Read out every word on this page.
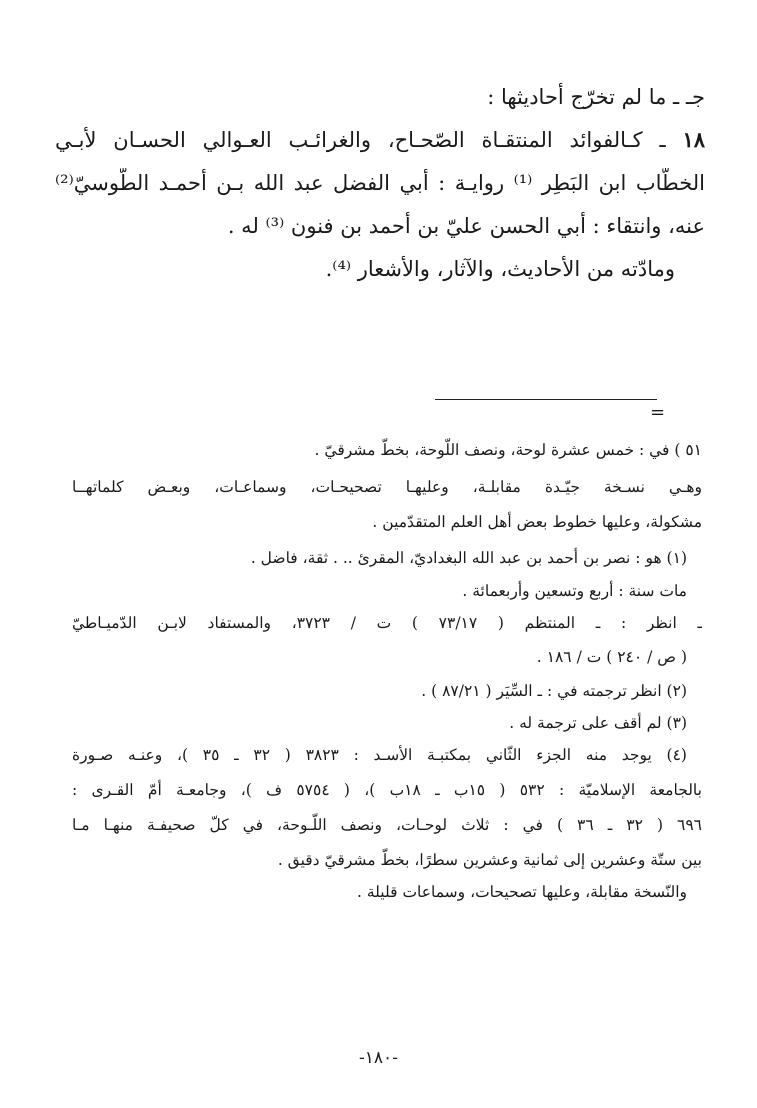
جـ ـ ما لم تخرّج أحاديثها :

١٨ ـ كـالفوائد المنتقـاة الصّحـاح، والغرائـب العـوالي الحسـان لأبـي

الخطّاب ابن البَطِر ⁽¹⁾ روايـة : أبي الفضل عبد الله بـن أحمـد الطّوسيّ⁽²⁾

عنه، وانتقاء : أبي الحسن عليّ بن أحمد بن فنون ⁽³⁾ له .

ومادّته من الأحاديث، والآثار، والأشعار ⁽⁴⁾.

=

٥١ ) في : خمس عشرة لوحة، ونصف اللّوحة، بخطّ مشرقيّ .

وهـي نسـخة جيّـدة مقابلـة، وعليهـا تصحيحـات، وسماعـات، وبعـض كلماتهــا

مشكولة، وعليها خطوط بعض أهل العلم المتقدّمين .

(١) هو : نصر بن أحمد بن عبد الله البغداديّ، المقرئ .. . ثقة، فاضل .

مات سنة : أربع وتسعين وأربعمائة .

ـ انظر : ـ المنتظم ( ٧٣/١٧ ) ت / ٣٧٢٣، والمستفاد لابـن الدّميـاطيّ

( ص / ٢٤٠ ) ت / ١٨٦ .

(٢) انظر ترجمته في : ـ السِّيَر ( ٨٧/٢١ ) .

(٣) لم أقف على ترجمة له .

(٤) يوجد منه الجزء الثّاني بمكتبـة الأسـد : ٣٨٢٣ ( ٣٢ ـ ٣٥ )، وعنـه صـورة

بالجامعة الإسلاميّة : ٥٣٢ ( ١٥ب ـ ١٨ب )، ( ٥٧٥٤ ف )، وجامعـة أمّ القـرى :

٦٩٦ ( ٣٢ ـ ٣٦ ) في : ثلاث لوحـات، ونصف اللّـوحة، في كلّ صحيفـة منهـا مـا

بين ستّة وعشرين إلى ثمانية وعشرين سطرًا، بخطّ مشرقيّ دقيق .

والنّسخة مقابلة، وعليها تصحيحات، وسماعات قليلة .

-١٨٠-
